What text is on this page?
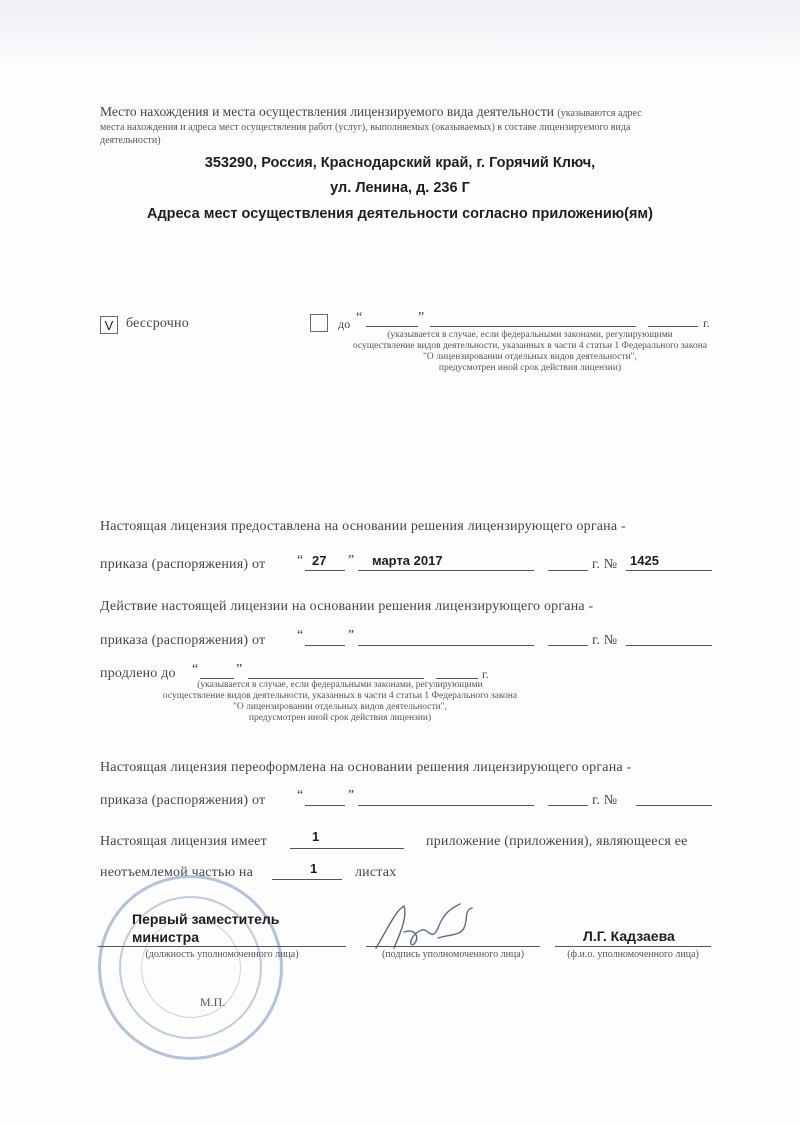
Место нахождения и места осуществления лицензируемого вида деятельности (указываются адрес
места нахождения и адреса мест осуществления работ (услуг), выполняемых (оказываемых) в составе лицензируемого вида
деятельности)
353290, Россия, Краснодарский край, г. Горячий Ключ,
ул. Ленина, д. 236 Г
Адреса мест осуществления деятельности согласно приложению(ям)
V бессрочно	до “	”	г.
(указывается в случае, если федеральными законами, регулирующими
осуществление видов деятельности, указанных в части 4 статьи 1 Федерального закона
"О лицензировании отдельных видов деятельности",
предусмотрен иной срок действия лицензии)
Настоящая лицензия предоставлена на основании решения лицензирующего органа -
приказа (распоряжения) от “ 27 ” марта 2017	г. № 1425
Действие настоящей лицензии на основании решения лицензирующего органа -
приказа (распоряжения) от “	”	г. №
продлено до “	”	г.
(указывается в случае, если федеральными законами, регулирующими
осуществление видов деятельности, указанных в части 4 статьи 1 Федерального закона
"О лицензировании отдельных видов деятельности",
предусмотрен иной срок действия лицензии)
Настоящая лицензия переоформлена на основании решения лицензирующего органа -
приказа (распоряжения) от “	”	г. №
Настоящая лицензия имеет	1	приложение (приложения), являющееся ее
неотъемлемой частью на	1	листах
Первый заместитель
министра
(должность уполномоченного лица)	(подпись уполномоченного лица)
Л.Г. Кадзаева
(ф.и.о. уполномоченного лица)
М.П.
